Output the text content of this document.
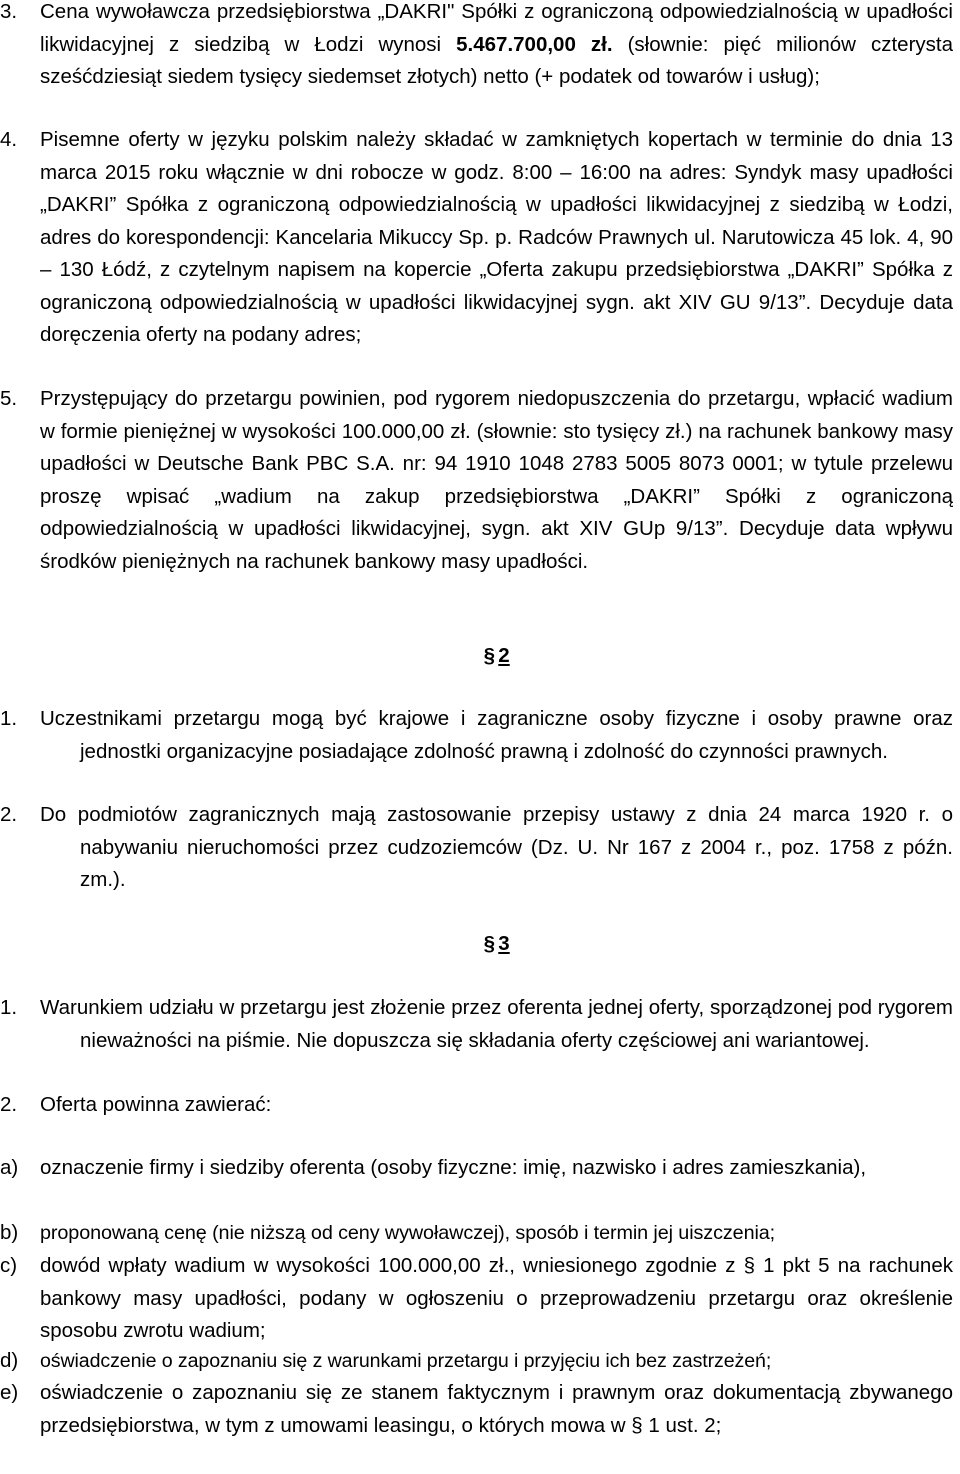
3. Cena wywoławcza przedsiębiorstwa „DAKRI" Spółki z ograniczoną odpowiedzialnością w upadłości likwidacyjnej z siedzibą w Łodzi wynosi 5.467.700,00 zł. (słownie: pięć milionów czterysta sześćdziesiąt siedem tysięcy siedemset złotych) netto (+ podatek od towarów i usług);
4. Pisemne oferty w języku polskim należy składać w zamkniętych kopertach w terminie do dnia 13 marca 2015 roku włącznie w dni robocze w godz. 8:00 – 16:00 na adres: Syndyk masy upadłości „DAKRI” Spółka z ograniczoną odpowiedzialnością w upadłości likwidacyjnej z siedzibą w Łodzi, adres do korespondencji: Kancelaria Mikuccy Sp. p. Radców Prawnych ul. Narutowicza 45 lok. 4, 90 – 130 Łódź, z czytelnym napisem na kopercie „Oferta zakupu przedsiębiorstwa „DAKRI” Spółka z ograniczoną odpowiedzialnością w upadłości likwidacyjnej sygn. akt XIV GU 9/13”. Decyduje data doręczenia oferty na podany adres;
5. Przystępujący do przetargu powinien, pod rygorem niedopuszczenia do przetargu, wpłacić wadium w formie pieniężnej w wysokości 100.000,00 zł. (słownie: sto tysięcy zł.) na rachunek bankowy masy upadłości w Deutsche Bank PBC S.A. nr: 94 1910 1048 2783 5005 8073 0001; w tytule przelewu proszę wpisać „wadium na zakup przedsiębiorstwa „DAKRI” Spółki z ograniczoną odpowiedzialnością w upadłości likwidacyjnej, sygn. akt XIV GUp 9/13”. Decyduje data wpływu środków pieniężnych na rachunek bankowy masy upadłości.
§ 2
1. Uczestnikami przetargu mogą być krajowe i zagraniczne osoby fizyczne i osoby prawne oraz jednostki organizacyjne posiadające zdolność prawną i zdolność do czynności prawnych.
2. Do podmiotów zagranicznych mają zastosowanie przepisy ustawy z dnia 24 marca 1920 r. o nabywaniu nieruchomości przez cudzoziemców (Dz. U. Nr 167 z 2004 r., poz. 1758 z późn. zm.).
§ 3
1. Warunkiem udziału w przetargu jest złożenie przez oferenta jednej oferty, sporządzonej pod rygorem nieważności na piśmie. Nie dopuszcza się składania oferty częściowej ani wariantowej.
2. Oferta powinna zawierać:
a) oznaczenie firmy i siedziby oferenta (osoby fizyczne: imię, nazwisko i adres zamieszkania),
b) proponowaną cenę (nie niższą od ceny wywoławczej), sposób i termin jej uiszczenia;
c) dowód wpłaty wadium w wysokości 100.000,00 zł., wniesionego zgodnie z § 1 pkt 5 na rachunek bankowy masy upadłości, podany w ogłoszeniu o przeprowadzeniu przetargu oraz określenie sposobu zwrotu wadium;
d) oświadczenie o zapoznaniu się z warunkami przetargu i przyjęciu ich bez zastrzeżeń;
e) oświadczenie o zapoznaniu się ze stanem faktycznym i prawnym oraz dokumentacją zbywanego przedsiębiorstwa, w tym z umowami leasingu, o których mowa w § 1 ust. 2;
